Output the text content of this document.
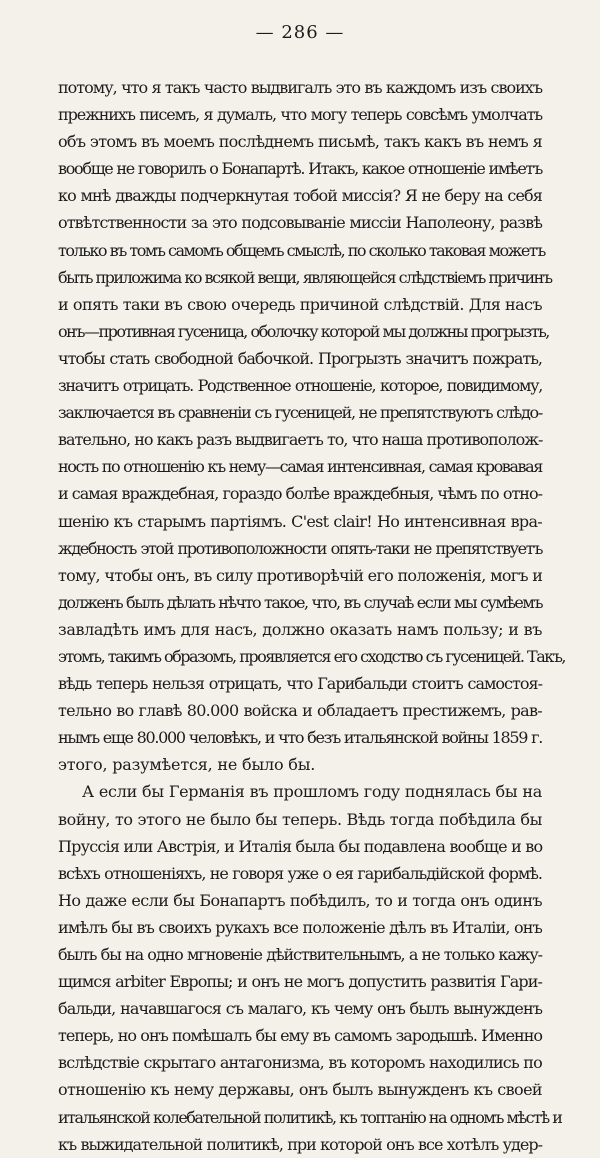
— 286 —
потому, что я такъ часто выдвигалъ это въ каждомъ изъ своихъ
прежнихъ писемъ, я думалъ, что могу теперь совсѣмъ умолчать
объ этомъ въ моемъ послѣднемъ письмѣ, такъ какъ въ немъ я
вообще не говорилъ о Бонапартѣ. Итакъ, какое отношеніе имѣетъ
ко мнѣ дважды подчеркнутая тобой миссія? Я не беру на себя
отвѣтственности за это подсовываніе миссіи Наполеону, развѣ
только въ томъ самомъ общемъ смыслѣ, по сколько таковая можетъ
быть приложима ко всякой вещи, являющейся слѣдствіемъ причинъ
и опять таки въ свою очередь причиной слѣдствій. Для насъ
онъ—противная гусеница, оболочку которой мы должны прогрызть,
чтобы стать свободной бабочкой. Прогрызть значитъ пожрать,
значитъ отрицать. Родственное отношеніе, которое, повидимому,
заключается въ сравненіи съ гусеницей, не препятствуютъ слѣдо-
вательно, но какъ разъ выдвигаетъ то, что наша противополож-
ность по отношенію къ нему—самая интенсивная, самая кровавая
и самая враждебная, гораздо болѣе враждебныя, чѣмъ по отно-
шенію къ старымъ партіямъ. C'est clair! Но интенсивная вра-
ждебность этой противоположности опять-таки не препятствуетъ
тому, чтобы онъ, въ силу противорѣчій его положенія, могъ и
долженъ былъ дѣлать нѣчто такое, что, въ случаѣ если мы сумѣемъ
завладѣть имъ для насъ, должно оказать намъ пользу; и въ
этомъ, такимъ образомъ, проявляется его сходство съ гусеницей. Такъ,
вѣдь теперь нельзя отрицать, что Гарибальди стоитъ самостоя-
тельно во главѣ 80.000 войска и обладаетъ престижемъ, рав-
нымъ еще 80.000 человѣкъ, и что безъ итальянской войны 1859 г.
этого, разумѣется, не было бы.
А если бы Германія въ прошломъ году поднялась бы на
войну, то этого не было бы теперь. Вѣдь тогда побѣдила бы
Пруссія или Австрія, и Италія была бы подавлена вообще и во
всѣхъ отношеніяхъ, не говоря уже о ея гарибальдійской формѣ.
Но даже если бы Бонапартъ побѣдилъ, то и тогда онъ одинъ
имѣлъ бы въ своихъ рукахъ все положеніе дѣлъ въ Италіи, онъ
былъ бы на одно мгновеніе дѣйствительнымъ, а не только кажу-
щимся arbiter Европы; и онъ не могъ допустить развитія Гари-
бальди, начавшагося съ малаго, къ чему онъ былъ вынужденъ
теперь, но онъ помѣшалъ бы ему въ самомъ зародышѣ. Именно
вслѣдствіе скрытаго антагонизма, въ которомъ находились по
отношенію къ нему державы, онъ былъ вынужденъ къ своей
итальянской колебательной политикѣ, къ топтанію на одномъ мѣстѣ и
къ выжидательной политикѣ, при которой онъ все хотѣлъ удер-
